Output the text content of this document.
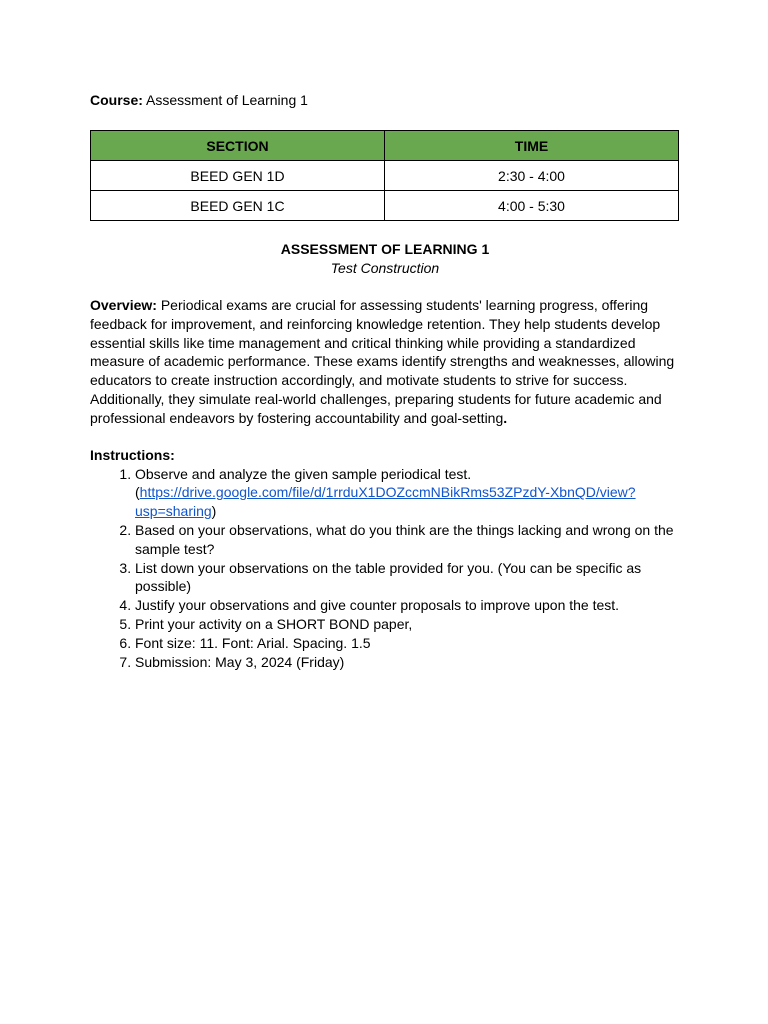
Course: Assessment of Learning 1

SECTION	TIME
BEED GEN 1D	2:30 - 4:00
BEED GEN 1C	4:00 - 5:30
ASSESSMENT OF LEARNING 1
Test Construction

Overview: Periodical exams are crucial for assessing students' learning progress, offering feedback for improvement, and reinforcing knowledge retention. They help students develop essential skills like time management and critical thinking while providing a standardized measure of academic performance. These exams identify strengths and weaknesses, allowing educators to create instruction accordingly, and motivate students to strive for success. Additionally, they simulate real-world challenges, preparing students for future academic and professional endeavors by fostering accountability and goal-setting.

Instructions:
1. Observe and analyze the given sample periodical test.
(https://drive.google.com/file/d/1rrduX1DOZccmNBikRms53ZPzdY-XbnQD/view?usp=sharing)
2. Based on your observations, what do you think are the things lacking and wrong on the sample test?
3. List down your observations on the table provided for you. (You can be specific as possible)
4. Justify your observations and give counter proposals to improve upon the test.
5. Print your activity on a SHORT BOND paper,
6. Font size: 11. Font: Arial. Spacing. 1.5
7. Submission: May 3, 2024 (Friday)
